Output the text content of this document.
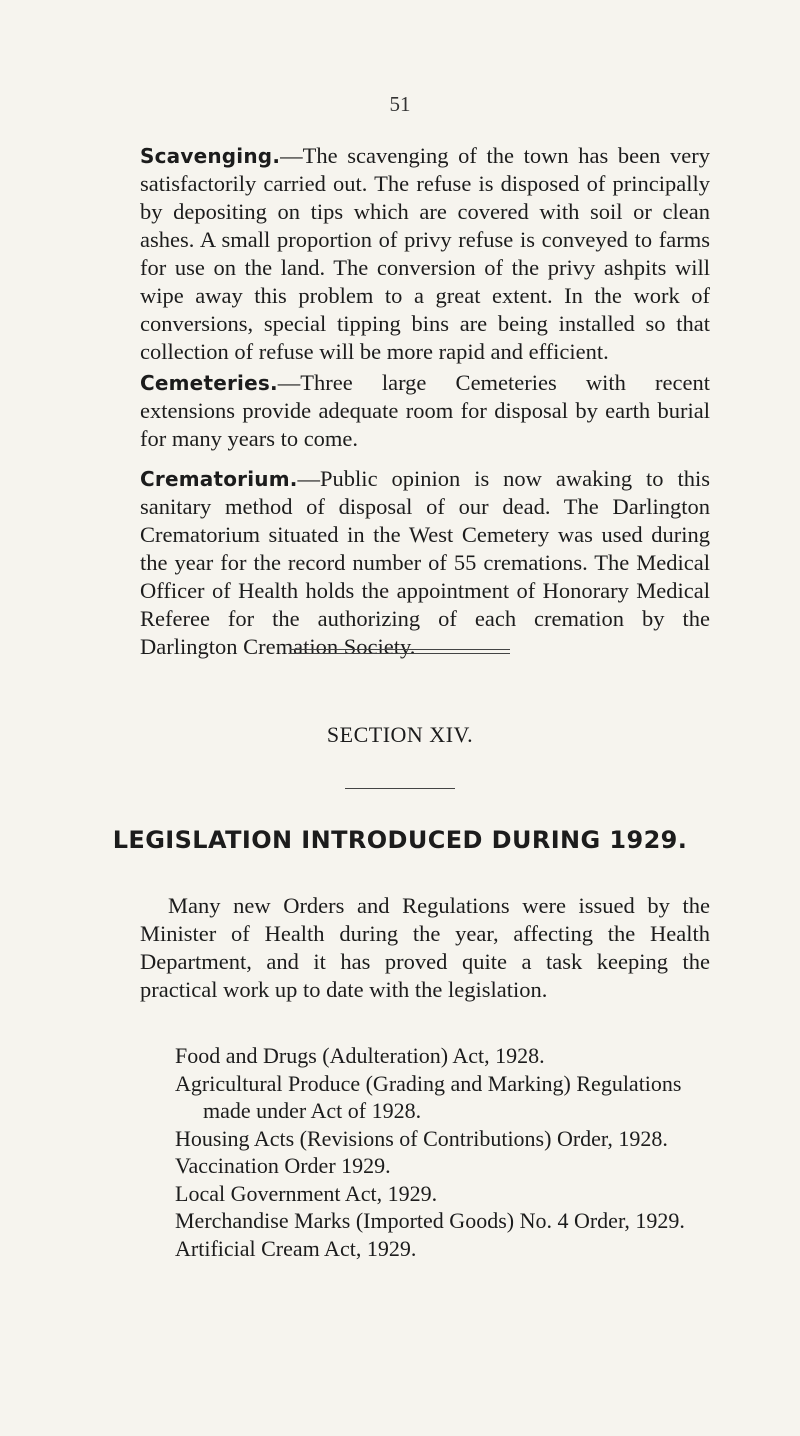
51

Scavenging.—The scavenging of the town has been very satisfactorily carried out. The refuse is disposed of principally by depositing on tips which are covered with soil or clean ashes. A small proportion of privy refuse is conveyed to farms for use on the land. The conversion of the privy ashpits will wipe away this problem to a great extent. In the work of conversions, special tipping bins are being installed so that collection of refuse will be more rapid and efficient.

Cemeteries.—Three large Cemeteries with recent extensions provide adequate room for disposal by earth burial for many years to come.

Crematorium.—Public opinion is now awaking to this sanitary method of disposal of our dead. The Darlington Crematorium situated in the West Cemetery was used during the year for the record number of 55 cremations. The Medical Officer of Health holds the appointment of Honorary Medical Referee for the authorizing of each cremation by the Darlington Cremation Society.

SECTION XIV.
LEGISLATION INTRODUCED DURING 1929.

Many new Orders and Regulations were issued by the Minister of Health during the year, affecting the Health Department, and it has proved quite a task keeping the practical work up to date with the legislation.

Food and Drugs (Adulteration) Act, 1928.
Agricultural Produce (Grading and Marking) Regulations made under Act of 1928.
Housing Acts (Revisions of Contributions) Order, 1928.
Vaccination Order 1929.
Local Government Act, 1929.
Merchandise Marks (Imported Goods) No. 4 Order, 1929.
Artificial Cream Act, 1929.
